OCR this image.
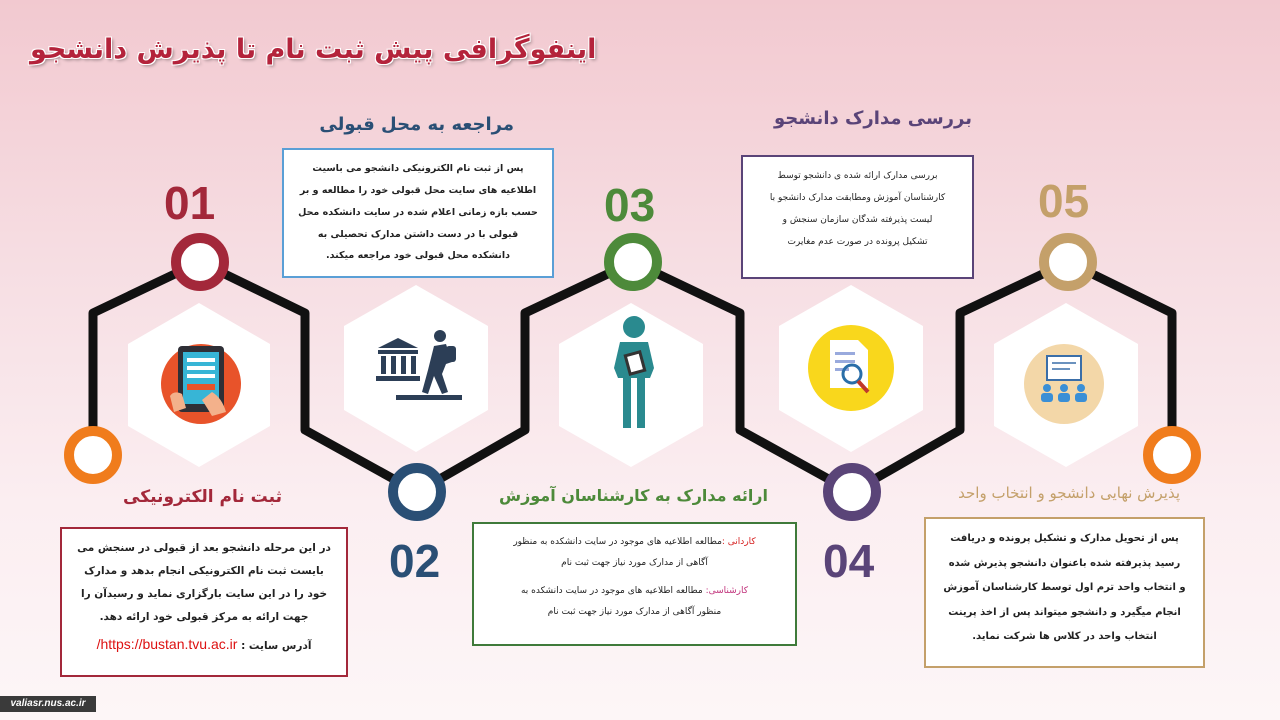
اینفوگرافی پیش ثبت نام تا پذیرش دانشجو
01
02
03
04
05
ثبت نام الکترونیکی
مراجعه به محل قبولی
ارائه مدارک به کارشناسان آموزش
بررسی مدارک دانشجو
پذیرش نهایی دانشجو و انتخاب واحد

در این مرحله دانشجو بعد از قبولی در سنجش می

بایست ثبت نام الکترونیکی انجام بدهد و مدارک

خود را در این سایت بارگزاری نماید و رسیدآن را

جهت ارائه به مرکز قبولی خود ارائه دهد.

آدرس سایت : https://bustan.tvu.ac.ir/

پس از ثبت نام الکترونیکی دانشجو می باسیت

اطلاعیه های سایت محل قبولی خود را مطالعه و بر

حسب بازه زمانی اعلام شده در سایت دانشکده محل

قبولی با در دست داشتن مدارک تحصیلی به

دانشکده محل قبولی خود مراجعه میکند.

کاردانی :مطالعه اطلاعیه های موجود در سایت دانشکده به منظور

آگاهی از مدارک مورد نیاز جهت ثبت نام

کارشناسی: مطالعه اطلاعیه های موجود در سایت دانشکده به

منظور آگاهی از مدارک مورد نیاز جهت ثبت نام

بررسی مدارک ارائه شده ی دانشجو توسط

کارشناسان آموزش ومطابقت مدارک دانشجو با

لیست پذیرفته شدگان سازمان سنجش و

تشکیل پرونده در صورت عدم مغایرت

پس از تحویل مدارک و تشکیل پرونده و دریافت

رسید پذیرفته شده باعنوان دانشجو پذیرش شده

و انتخاب واحد ترم اول توسط کارشناسان آموزش

انجام میگیرد و دانشجو میتواند پس از اخذ پرینت

انتخاب واحد در کلاس ها شرکت نماید.

valiasr.nus.ac.ir
